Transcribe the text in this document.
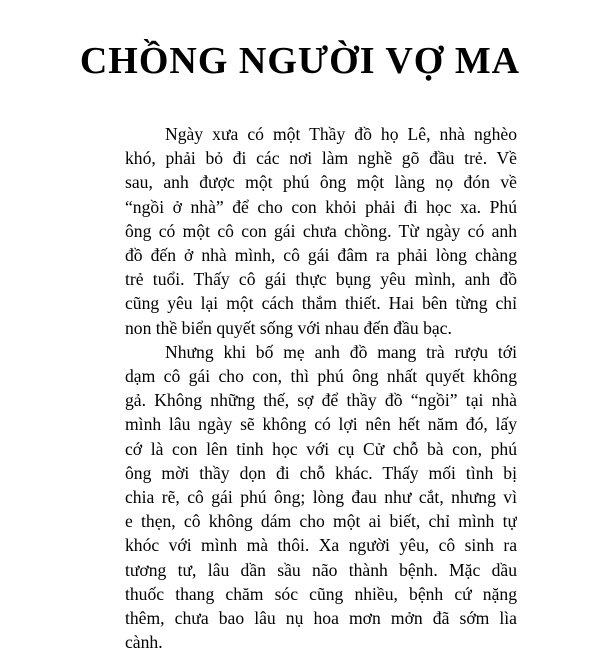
CHỒNG NGƯỜI VỢ MA
Ngày xưa có một Thầy đồ họ Lê, nhà nghèo
khó, phải bỏ đi các nơi làm nghề gõ đầu trẻ. Về
sau, anh được một phú ông một làng nọ đón về
“ngồi ở nhà” để cho con khỏi phải đi học xa. Phú
ông có một cô con gái chưa chồng. Từ ngày có anh
đồ đến ở nhà mình, cô gái đâm ra phải lòng chàng
trẻ tuổi. Thấy cô gái thực bụng yêu mình, anh đồ
cũng yêu lại một cách thắm thiết. Hai bên từng chỉ
non thề biển quyết sống với nhau đến đầu bạc.
Nhưng khi bố mẹ anh đồ mang trà rượu tới
dạm cô gái cho con, thì phú ông nhất quyết không
gả. Không những thế, sợ để thầy đồ “ngồi” tại nhà
mình lâu ngày sẽ không có lợi nên hết năm đó, lấy
cớ là con lên tỉnh học với cụ Cử chỗ bà con, phú
ông mời thầy dọn đi chỗ khác. Thấy mối tình bị
chia rẽ, cô gái phú ông; lòng đau như cắt, nhưng vì
e thẹn, cô không dám cho một ai biết, chỉ mình tự
khóc với mình mà thôi. Xa người yêu, cô sinh ra
tương tư, lâu dần sầu não thành bệnh. Mặc dầu
thuốc thang chăm sóc cũng nhiều, bệnh cứ nặng
thêm, chưa bao lâu nụ hoa mơn mởn đã sớm lìa
cành.
